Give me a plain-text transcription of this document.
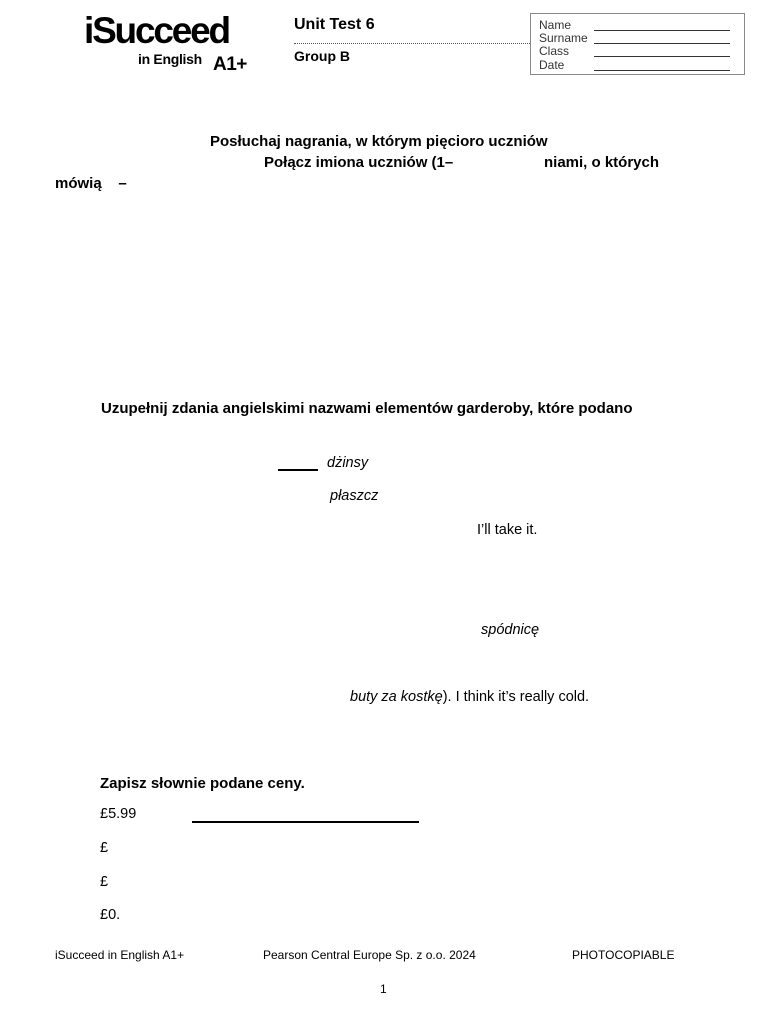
iSucceed
in English A1+
Unit Test 6
Group B
Name
Surname
Class
Date
Posłuchaj nagrania, w którym pięcioro uczniów
Połącz imiona uczniów (1–	niami, o których
mówią    –
Uzupełnij zdania angielskimi nazwami elementów garderoby, które podano
dżinsy
płaszcz
I’ll take it.
spódnicę
buty za kostkę). I think it’s really cold.
Zapisz słownie podane ceny.
£5.99
£
£
£0.
iSucceed in English A1+	Pearson Central Europe Sp. z o.o. 2024	PHOTOCOPIABLE
1
